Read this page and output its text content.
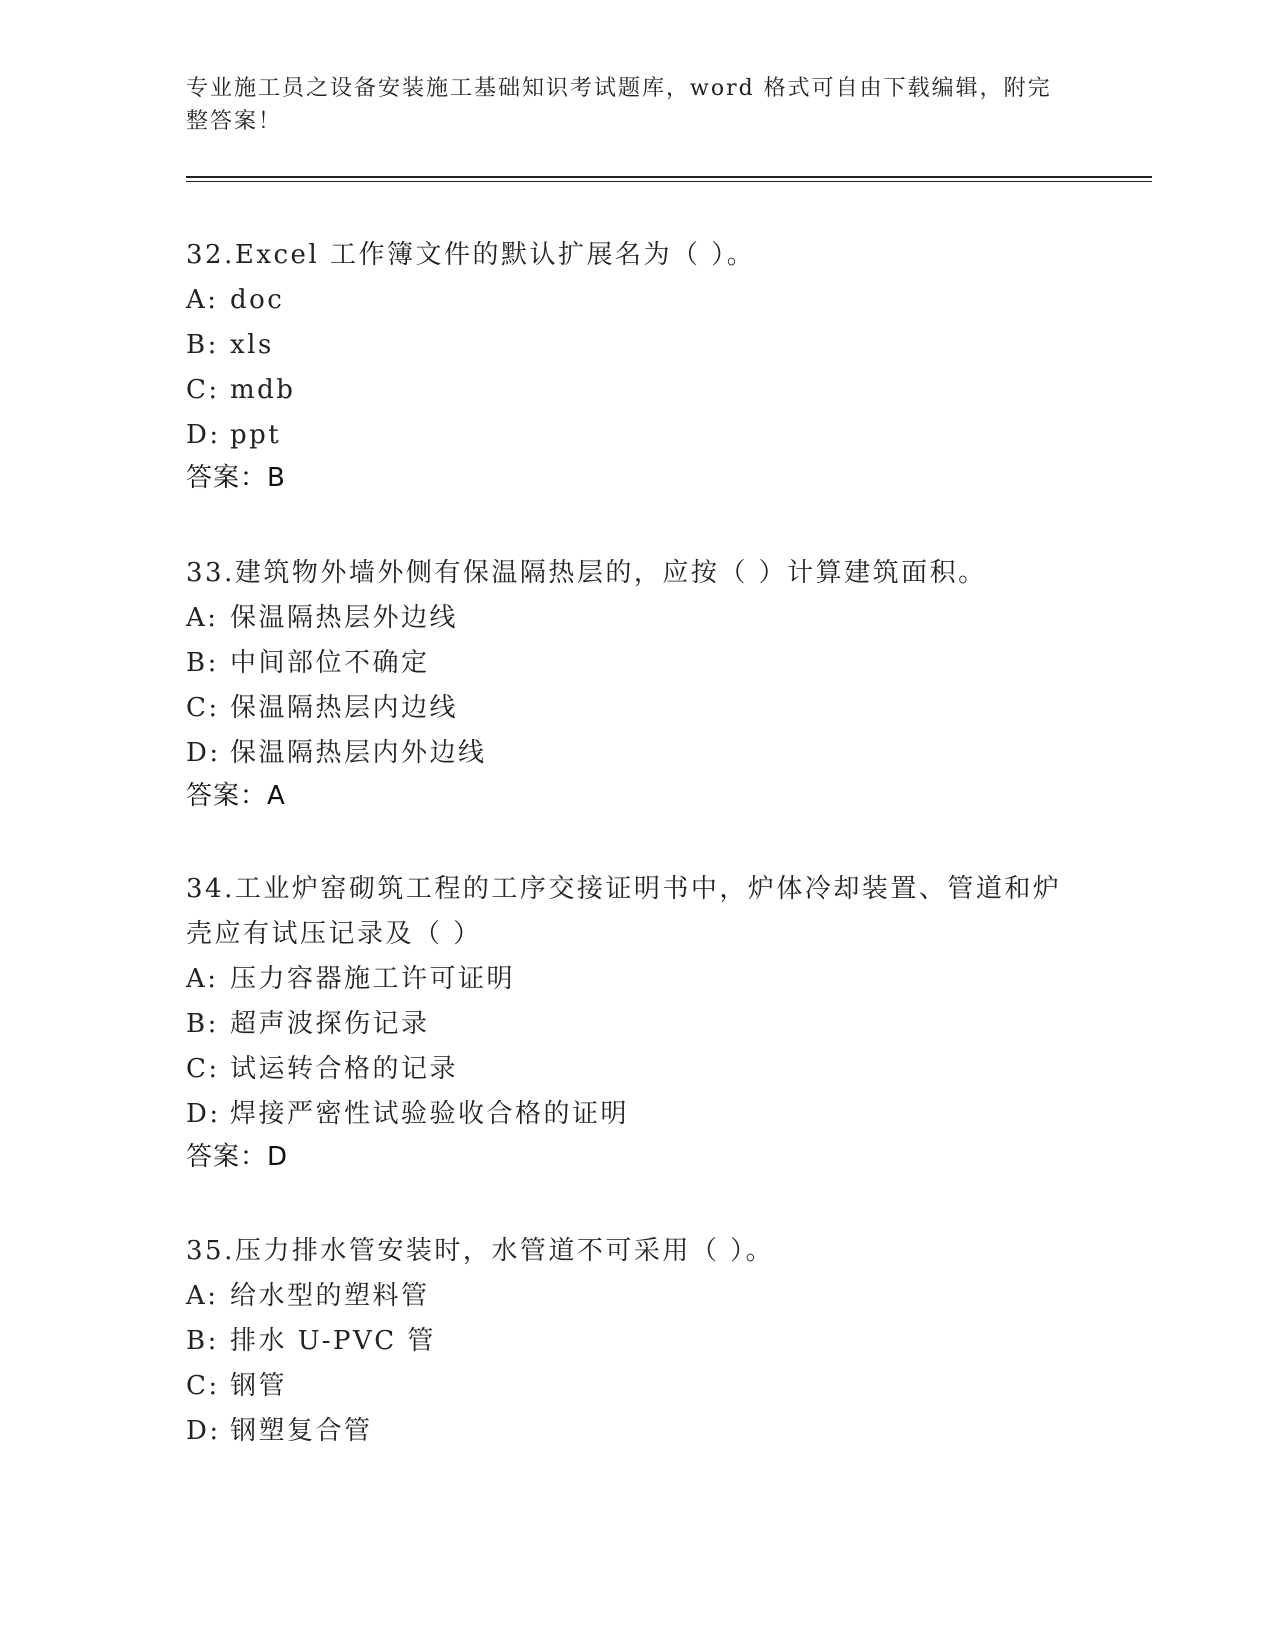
专业施工员之设备安装施工基础知识考试题库，word 格式可自由下载编辑，附完整答案！
32.Excel 工作簿文件的默认扩展名为（ ）。
A: doc
B: xls
C: mdb
D: ppt
答案：B
33.建筑物外墙外侧有保温隔热层的，应按（ ）计算建筑面积。
A: 保温隔热层外边线
B: 中间部位不确定
C: 保温隔热层内边线
D: 保温隔热层内外边线
答案：A
34.工业炉窑砌筑工程的工序交接证明书中，炉体冷却装置、管道和炉壳应有试压记录及（ ）
A: 压力容器施工许可证明
B: 超声波探伤记录
C: 试运转合格的记录
D: 焊接严密性试验验收合格的证明
答案：D
35.压力排水管安装时，水管道不可采用（ ）。
A: 给水型的塑料管
B: 排水 U-PVC 管
C: 钢管
D: 钢塑复合管
